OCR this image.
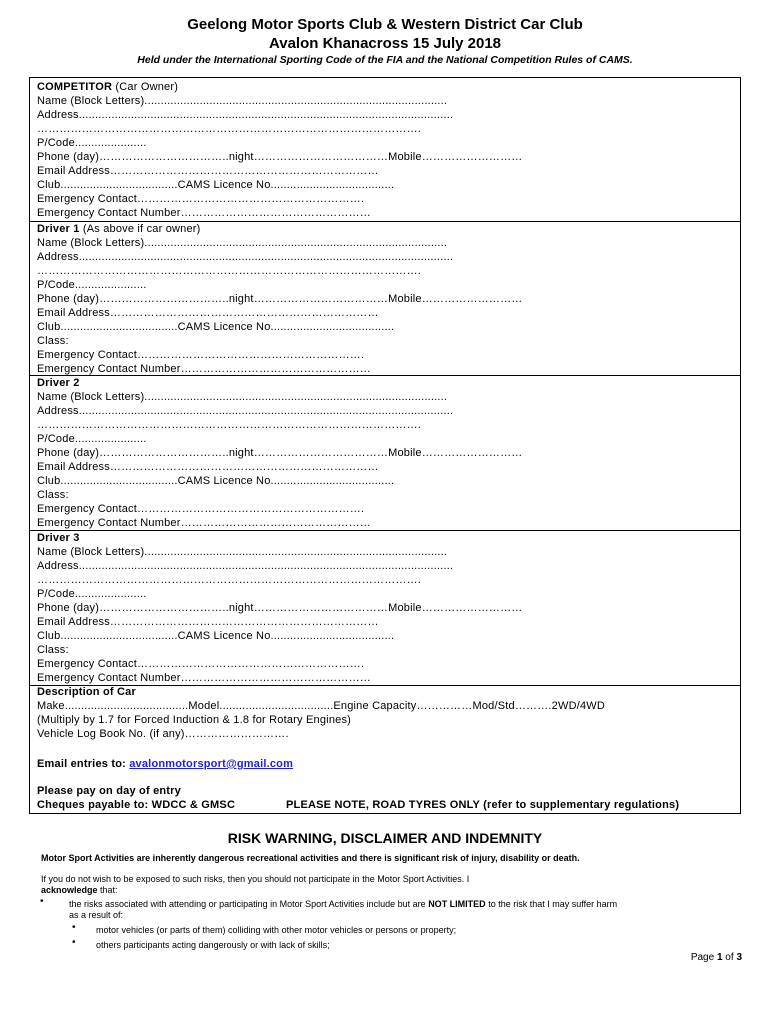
Geelong Motor Sports Club & Western District Car Club
Avalon Khanacross 15 July 2018
Held under the International Sporting Code of the FIA and the National Competition Rules of CAMS.
COMPETITOR (Car Owner)
Name (Block Letters).............................................................................................
Address...................................................................................................................
………………………………………………………………………………………….
P/Code......................
Phone (day)……………………………..night………………………………Mobile………………………
Email Address………………………………………………………………
Club....................................CAMS Licence No......................................
Emergency Contact…………………………………………………….
Emergency Contact Number……………………………………………
Driver 1 (As above if car owner)
Name (Block Letters).............................................................................................
Address...................................................................................................................
………………………………………………………………………………………….
P/Code......................
Phone (day)……………………………..night………………………………Mobile………………………
Email Address………………………………………………………………
Club....................................CAMS Licence No......................................
Class:
Emergency Contact…………………………………………………….
Emergency Contact Number……………………………………………
Driver 2
Name (Block Letters).............................................................................................
Address...................................................................................................................
………………………………………………………………………………………….
P/Code......................
Phone (day)……………………………..night………………………………Mobile………………………
Email Address………………………………………………………………
Club....................................CAMS Licence No......................................
Class:
Emergency Contact…………………………………………………….
Emergency Contact Number……………………………………………
Driver 3
Name (Block Letters).............................................................................................
Address...................................................................................................................
………………………………………………………………………………………….
P/Code......................
Phone (day)……………………………..night………………………………Mobile………………………
Email Address………………………………………………………………
Club....................................CAMS Licence No......................................
Class:
Emergency Contact…………………………………………………….
Emergency Contact Number……………………………………………
Description of Car
Make......................................Model...................................Engine Capacity……………Mod/Std……….2WD/4WD
(Multiply by 1.7 for Forced Induction & 1.8 for Rotary Engines)
Vehicle Log Book No. (if any)……………………….
Email entries to: avalonmotorsport@gmail.com
Please pay on day of entry
Cheques payable to: WDCC & GMSC	PLEASE NOTE, ROAD TYRES ONLY (refer to supplementary regulations)
RISK WARNING, DISCLAIMER AND INDEMNITY
Motor Sport Activities are inherently dangerous recreational activities and there is significant risk of injury, disability or death.
If you do not wish to be exposed to such risks, then you should not participate in the Motor Sport Activities. I
acknowledge that:
•	the risks associated with attending or participating in Motor Sport Activities include but are NOT LIMITED to the risk that I may suffer harm
as a result of:
• motor vehicles (or parts of them) colliding with other motor vehicles or persons or property;
• others participants acting dangerously or with lack of skills;
Page 1 of 3
